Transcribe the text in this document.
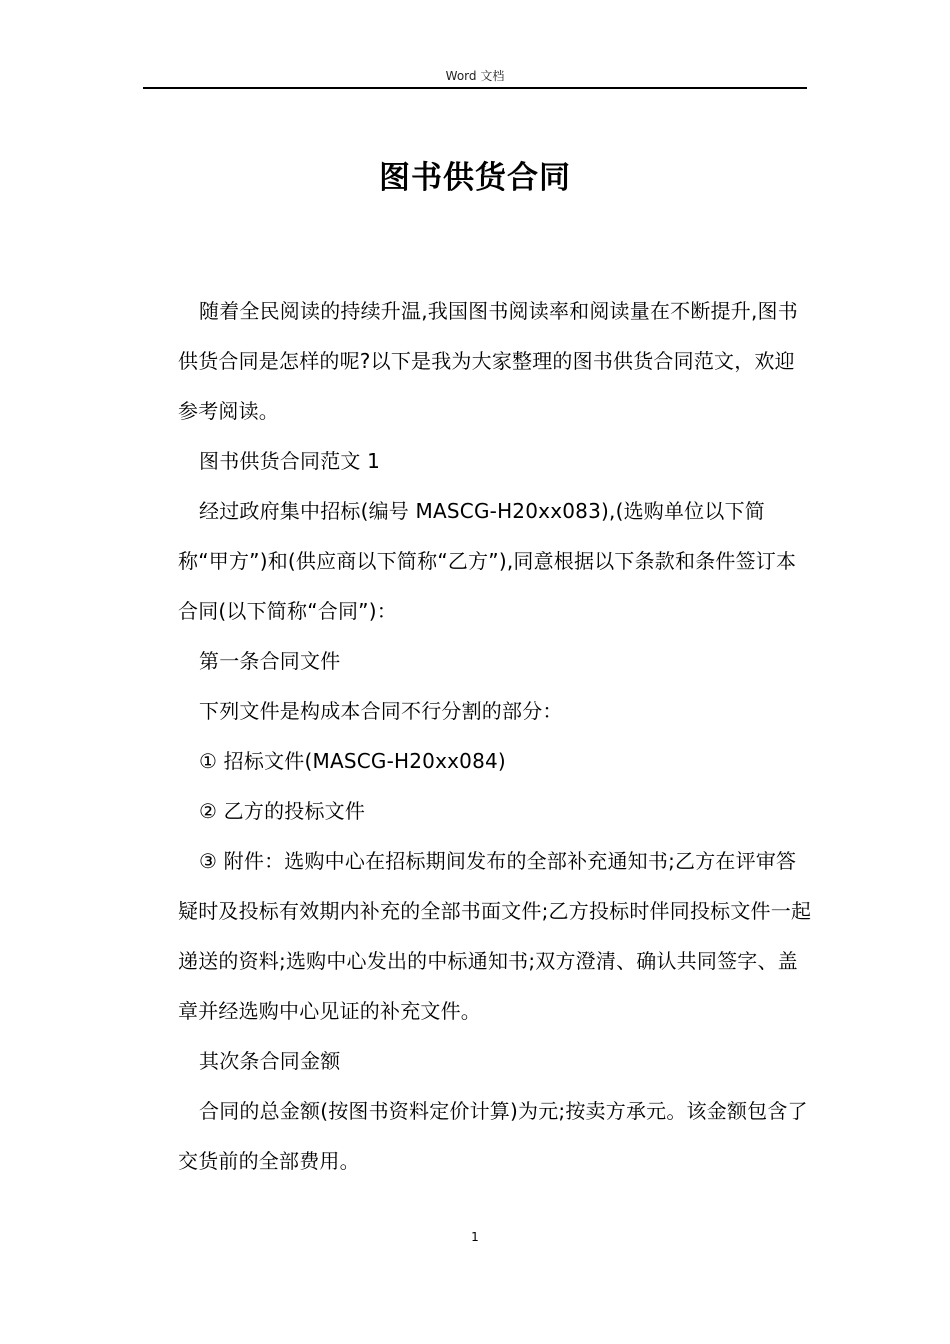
Word 文档
图书供货合同

随着全民阅读的持续升温,我国图书阅读率和阅读量在不断提升,图书供货合同是怎样的呢?以下是我为大家整理的图书供货合同范文，欢迎参考阅读。

图书供货合同范文 1

经过政府集中招标(编号 MASCG-H20xx083),(选购单位以下简称“甲方”)和(供应商以下简称“乙方”),同意根据以下条款和条件签订本合同(以下简称“合同”)：

第一条合同文件

下列文件是构成本合同不行分割的部分：

① 招标文件(MASCG-H20xx084)

② 乙方的投标文件

③ 附件：选购中心在招标期间发布的全部补充通知书;乙方在评审答疑时及投标有效期内补充的全部书面文件;乙方投标时伴同投标文件一起递送的资料;选购中心发出的中标通知书;双方澄清、确认共同签字、盖章并经选购中心见证的补充文件。

其次条合同金额

合同的总金额(按图书资料定价计算)为元;按卖方承元。该金额包含了交货前的全部费用。

1
